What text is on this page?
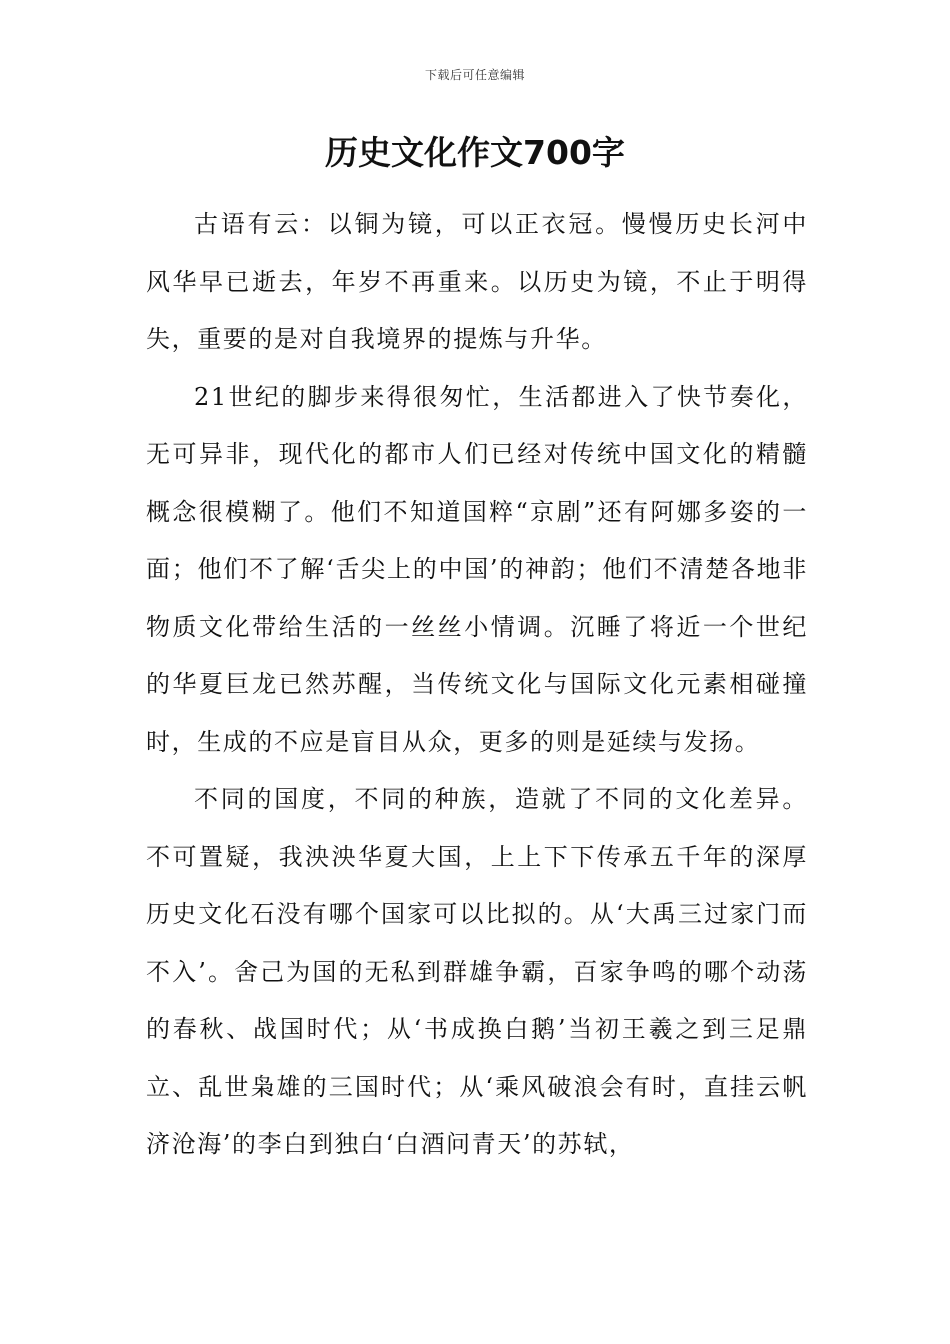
下载后可任意编辑
历史文化作文700字

古语有云：以铜为镜，可以正衣冠。慢慢历史长河中风华早已逝去，年岁不再重来。以历史为镜，不止于明得失，重要的是对自我境界的提炼与升华。

21世纪的脚步来得很匆忙，生活都进入了快节奏化，无可异非，现代化的都市人们已经对传统中国文化的精髓概念很模糊了。他们不知道国粹“京剧”还有阿娜多姿的一面；他们不了解‘舌尖上的中国’的神韵；他们不清楚各地非物质文化带给生活的一丝丝小情调。沉睡了将近一个世纪的华夏巨龙已然苏醒，当传统文化与国际文化元素相碰撞时，生成的不应是盲目从众，更多的则是延续与发扬。

不同的国度，不同的种族，造就了不同的文化差异。不可置疑，我泱泱华夏大国，上上下下传承五千年的深厚历史文化石没有哪个国家可以比拟的。从‘大禹三过家门而不入’。舍己为国的无私到群雄争霸，百家争鸣的哪个动荡的春秋、战国时代；从‘书成换白鹅’当初王羲之到三足鼎立、乱世枭雄的三国时代；从‘乘风破浪会有时，直挂云帆济沧海’的李白到独白‘白酒问青天’的苏轼，
